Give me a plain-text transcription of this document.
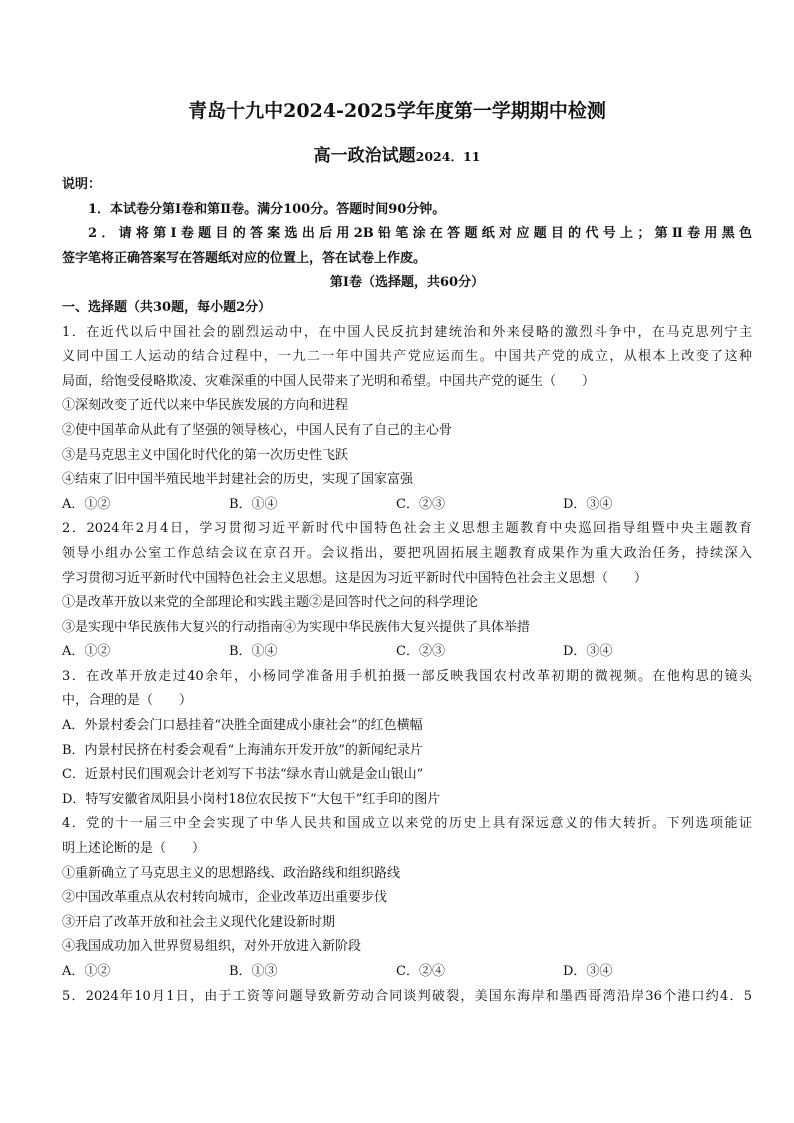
青岛十九中2024-2025学年度第一学期期中检测
高一政治试题2024．11
说明：
1．本试卷分第Ⅰ卷和第Ⅱ卷。满分100分。答题时间90分钟。
2．请将第Ⅰ卷题目的答案选出后用2B铅笔涂在答题纸对应题目的代号上；第Ⅱ卷用黑色
签字笔将正确答案写在答题纸对应的位置上，答在试卷上作废。
第Ⅰ卷（选择题，共60分）
一、选择题（共30题，每小题2分）
1．在近代以后中国社会的剧烈运动中，在中国人民反抗封建统治和外来侵略的激烈斗争中，在马克思列宁主
义同中国工人运动的结合过程中，一九二一年中国共产党应运而生。中国共产党的成立，从根本上改变了这种
局面，给饱受侵略欺凌、灾难深重的中国人民带来了光明和希望。中国共产党的诞生（　　）
①深刻改变了近代以来中华民族发展的方向和进程
②使中国革命从此有了坚强的领导核心，中国人民有了自己的主心骨
③是马克思主义中国化时代化的第一次历史性飞跃
④结束了旧中国半殖民地半封建社会的历史，实现了国家富强
A．①②	B．①④	C．②③	D．③④
2．2024年2月4日，学习贯彻习近平新时代中国特色社会主义思想主题教育中央巡回指导组暨中央主题教育
领导小组办公室工作总结会议在京召开。会议指出，要把巩固拓展主题教育成果作为重大政治任务，持续深入
学习贯彻习近平新时代中国特色社会主义思想。这是因为习近平新时代中国特色社会主义思想（　　）
①是改革开放以来党的全部理论和实践主题②是回答时代之问的科学理论
③是实现中华民族伟大复兴的行动指南④为实现中华民族伟大复兴提供了具体举措
A．①②	B．①④	C．②③	D．③④
3．在改革开放走过40余年，小杨同学准备用手机拍摄一部反映我国农村改革初期的微视频。在他构思的镜头
中，合理的是（　　）
A．外景村委会门口悬挂着“决胜全面建成小康社会”的红色横幅
B．内景村民挤在村委会观看“上海浦东开发开放”的新闻纪录片
C．近景村民们围观会计老刘写下书法“绿水青山就是金山银山”
D．特写安徽省凤阳县小岗村18位农民按下“大包干”红手印的图片
4．党的十一届三中全会实现了中华人民共和国成立以来党的历史上具有深远意义的伟大转折。下列选项能证
明上述论断的是（　　）
①重新确立了马克思主义的思想路线、政治路线和组织路线
②中国改革重点从农村转向城市，企业改革迈出重要步伐
③开启了改革开放和社会主义现代化建设新时期
④我国成功加入世界贸易组织，对外开放进入新阶段
A．①②	B．①③	C．②④	D．③④
5．2024年10月1日，由于工资等问题导致新劳动合同谈判破裂，美国东海岸和墨西哥湾沿岸36个港口约4．5
